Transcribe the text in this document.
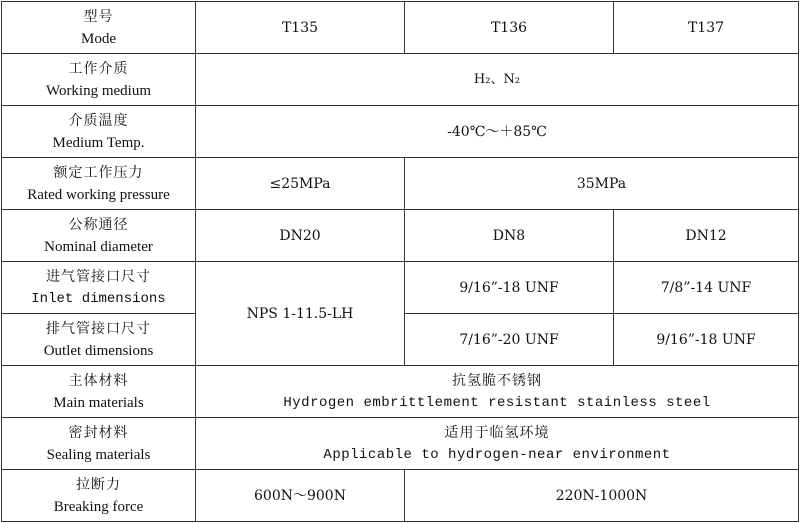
型号
Mode	T135	T136	T137

工作介质
Working medium	H₂、N₂		

介质温度
Medium Temp.	-40℃～＋85℃		

额定工作压力
Rated working pressure	≤25MPa	35MPa	

公称通径
Nominal diameter	DN20	DN8	DN12

进气管接口尺寸
Inlet dimensions	NPS 1-11.5-LH	9/16”-18 UNF	7/8”-14 UNF

排气管接口尺寸
Outlet dimensions		7/16”-20 UNF	9/16”-18 UNF

主体材料
Main materials	抗氢脆不锈钢
Hydrogen embrittlement resistant stainless steel		

密封材料
Sealing materials	适用于临氢环境
Applicable to hydrogen-near environment		

拉断力
Breaking force	600N～900N	220N-1000N	
